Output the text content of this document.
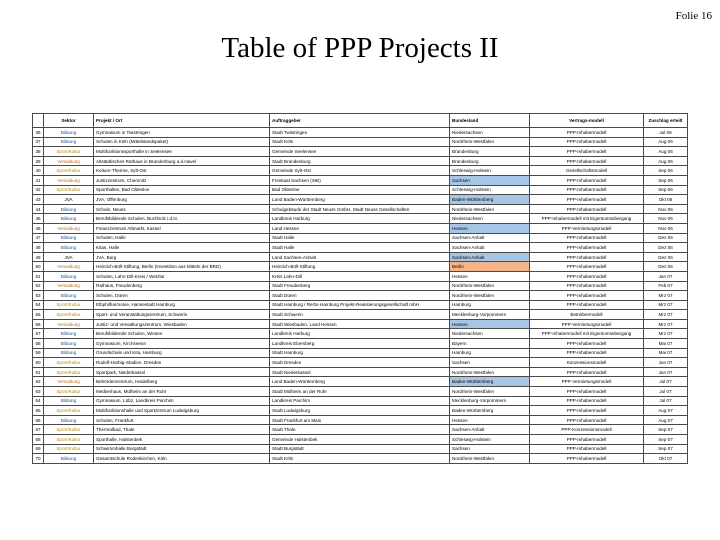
Folie 16
Table of PPP Projects II
	Sektor	Projekt / Ort	Auftraggeber	Bundesland	Vertrags-modell	Zuschlag erteilt
36	Bildung	Gymnasium in Twistringen	Stadt Twistringen	Niedersachsen	PPP-Inhabermodell	Jul 06
37	Bildung	Schulen in Köln (Mittelstandspaket)	Stadt Köln	Nordrhein-Westfalen	PPP-Inhabermodell	Aug 06
38	Sport/Kultur	Multifunktionssporthalle in Seelensee	Gemeinde Seelensee	Brandenburg	PPP-Inhabermodell	Aug 06
39	Verwaltung	Altstädtisches Rathaus in Brandenburg a.d.Havel	Stadt Brandenburg	Brandenburg	PPP-Inhabermodell	Aug 06
40	Sport/Kultur	Keitum-Therme, Sylt-Ost	Gemeinde Sylt-Ost	Schleswig-Holstein	Gesellschaftsmodell	Sep 06
41	Verwaltung	Justizzentrum, Chemnitz	Freistaat Sachsen (SIB)	Sachsen	PPP-Inhabermodell	Sep 06
42	Sport/Kultur	Sporthallen, Bad Oldesloe	Bad Oldesloe	Schleswig-Holstein	PPP-Inhabermodell	Sep 06
43	JVA	JVA, Offenburg	Land Baden-Württemberg	Baden-Württemberg	PPP-Inhabermodell	Okt 06
44	Bildung	Schule, Neuss	Schulgebäude der Stadt Neuss GmbH, Stadt Neuss Gesellschaften	Nordrhein-Westfalen	PPP-Inhabermodell	Nov 06
45	Bildung	Berufsbildende Schulen, Buchholz i.d.N.	Landkreis Harburg	Niedersachsen	PPP-Inhabermodell mit Eigentumsübergang	Nov 06
46	Verwaltung	Finanzzentrum Altmarkt, Kassel	Land Hessen	Hessen	PPP-Vermietungsmodell	Nov 06
47	Bildung	Schulen, Halle	Stadt Halle	Sachsen-Anhalt	PPP-Inhabermodell	Dez 06
48	Bildung	Kitas, Halle	Stadt Halle	Sachsen-Anhalt	PPP-Inhabermodell	Dez 06
49	JVA	JVA, Burg	Land Sachsen-Anhalt	Sachsen-Anhalt	PPP-Inhabermodell	Dez 06
50	Verwaltung	Heinrich-Böll-Stiftung, Berlin (Investition aus Mitteln der BRD)	Heinrich-Böll-Stiftung	Berlin	PPP-Inhabermodell	Dez 06
51	Bildung	Schulen, Lahn-Dill-Kreis / Wetzlar	Kreis Lahn-Dill	Hessen	PPP-Inhabermodell	Jan 07
52	Verwaltung	Rathaus, Freudenberg	Stadt Freudenberg	Nordrhein-Westfalen	PPP-Inhabermodell	Feb 07
53	Bildung	Schulen, Düren	Stadt Düren	Nordrhein-Westfalen	PPP-Inhabermodell	Mrz 07
54	Sport/Kultur	Elbphilharmonie, Hansestadt Hamburg	Stadt Hamburg / ReGe Hamburg Projekt-Realisierungsgesellschaft mbH	Hamburg	PPP-Inhabermodell	Mrz 07
55	Sport/Kultur	Sport- und Veranstaltungszentrum, Schwerin	Stadt Schwerin	Mecklenburg-Vorpommern	Betreibermodell	Mrz 07
56	Verwaltung	Justiz- und Verwaltungszentrum, Wiesbaden	Stadt Wiesbaden, Land Hessen	Hessen	PPP-Vermietungsmodell	Mrz 07
57	Bildung	Berufsbildende Schulen, Winsen	Landkreis Harburg	Niedersachsen	PPP-Inhabermodell mit Eigentumsübergang	Mrz 07
58	Bildung	Gymnasium, Kirchseeon	Landkreis Ebersberg	Bayern	PPP-Inhabermodell	Mai 07
59	Bildung	Grundschule und Kita, Hamburg	Stadt Hamburg	Hamburg	PPP-Inhabermodell	Mai 07
60	Sport/Kultur	Rudolf-Harbig-Stadion, Dresden	Stadt Dresden	Sachsen	Konzessionsmodell	Jun 07
61	Sport/Kultur	Sportpark, Niederkassel	Stadt Niederkassel	Nordrhein-Westfalen	PPP-Inhabermodell	Jun 07
62	Verwaltung	Behördenzentrum, Heidelberg	Land Baden-Württemberg	Baden-Württemberg	PPP-Vermietungsmodell	Jul 07
63	Sport/Kultur	Medienhaus, Mülheim an der Ruhr	Stadt Mülheim an der Ruhr	Nordrhein-Westfalen	PPP-Inhabermodell	Jul 07
64	Bildung	Gymnasium, Lübz, Landkreis Parchim	Landkreis Parchim	Mecklenburg-Vorpommern	PPP-Inhabermodell	Jul 07
65	Sport/Kultur	Multifunktionshalle und Sportzentrum Ludwigsburg	Stadt Ludwigsburg	Baden-Württemberg	PPP-Inhabermodell	Aug 07
66	Bildung	Schulen, Frankfurt	Stadt Frankfurt am Main	Hessen	PPP-Inhabermodell	Aug 07
67	Sport/Kultur	Thermalbad, Thale	Stadt Thale	Sachsen-Anhalt	PPP-Konzessionsmodell	Sep 07
68	Sport/Kultur	Sporthalle, Halstenbek	Gemeinde Halstenbek	Schleswig-Holstein	PPP-Inhabermodell	Sep 07
69	Sport/Kultur	Schwimmhalle Burgstädt	Stadt Burgstädt	Sachsen	PPP-Inhabermodell	Sep 07
70	Bildung	Gesamtschule Rodenkirchen, Köln	Stadt Köln	Nordrhein-Westfalen	PPP-Inhabermodell	Okt 07
